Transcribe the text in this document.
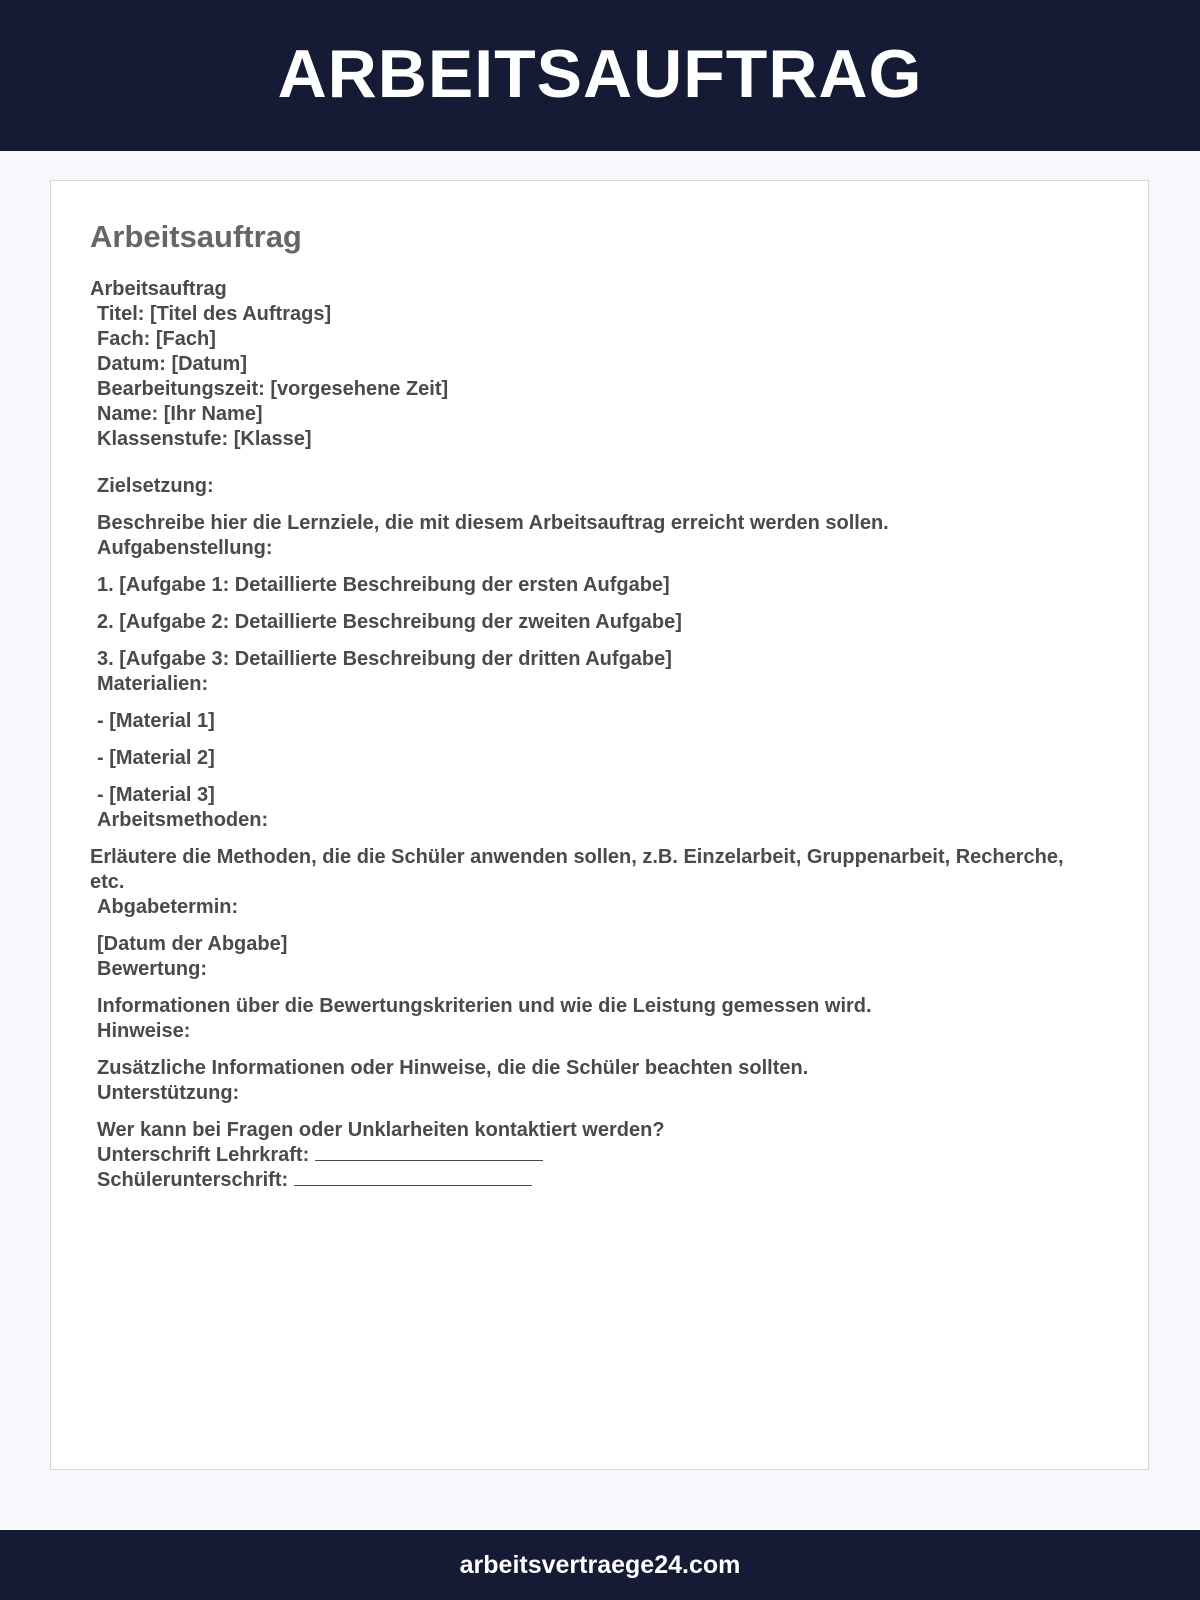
ARBEITSAUFTRAG
Arbeitsauftrag
Arbeitsauftrag
Titel: [Titel des Auftrags]
Fach: [Fach]
Datum: [Datum]
Bearbeitungszeit: [vorgesehene Zeit]
Name: [Ihr Name]
Klassenstufe: [Klasse]
Zielsetzung:
Beschreibe hier die Lernziele, die mit diesem Arbeitsauftrag erreicht werden sollen.
Aufgabenstellung:
1. [Aufgabe 1: Detaillierte Beschreibung der ersten Aufgabe]
2. [Aufgabe 2: Detaillierte Beschreibung der zweiten Aufgabe]
3. [Aufgabe 3: Detaillierte Beschreibung der dritten Aufgabe]
Materialien:
- [Material 1]
- [Material 2]
- [Material 3]
Arbeitsmethoden:
Erläutere die Methoden, die die Schüler anwenden sollen, z.B. Einzelarbeit, Gruppenarbeit, Recherche, etc.
Abgabetermin:
[Datum der Abgabe]
Bewertung:
Informationen über die Bewertungskriterien und wie die Leistung gemessen wird.
Hinweise:
Zusätzliche Informationen oder Hinweise, die die Schüler beachten sollten.
Unterstützung:
Wer kann bei Fragen oder Unklarheiten kontaktiert werden?
Unterschrift Lehrkraft:
Schülerunterschrift:
arbeitsvertraege24.com
